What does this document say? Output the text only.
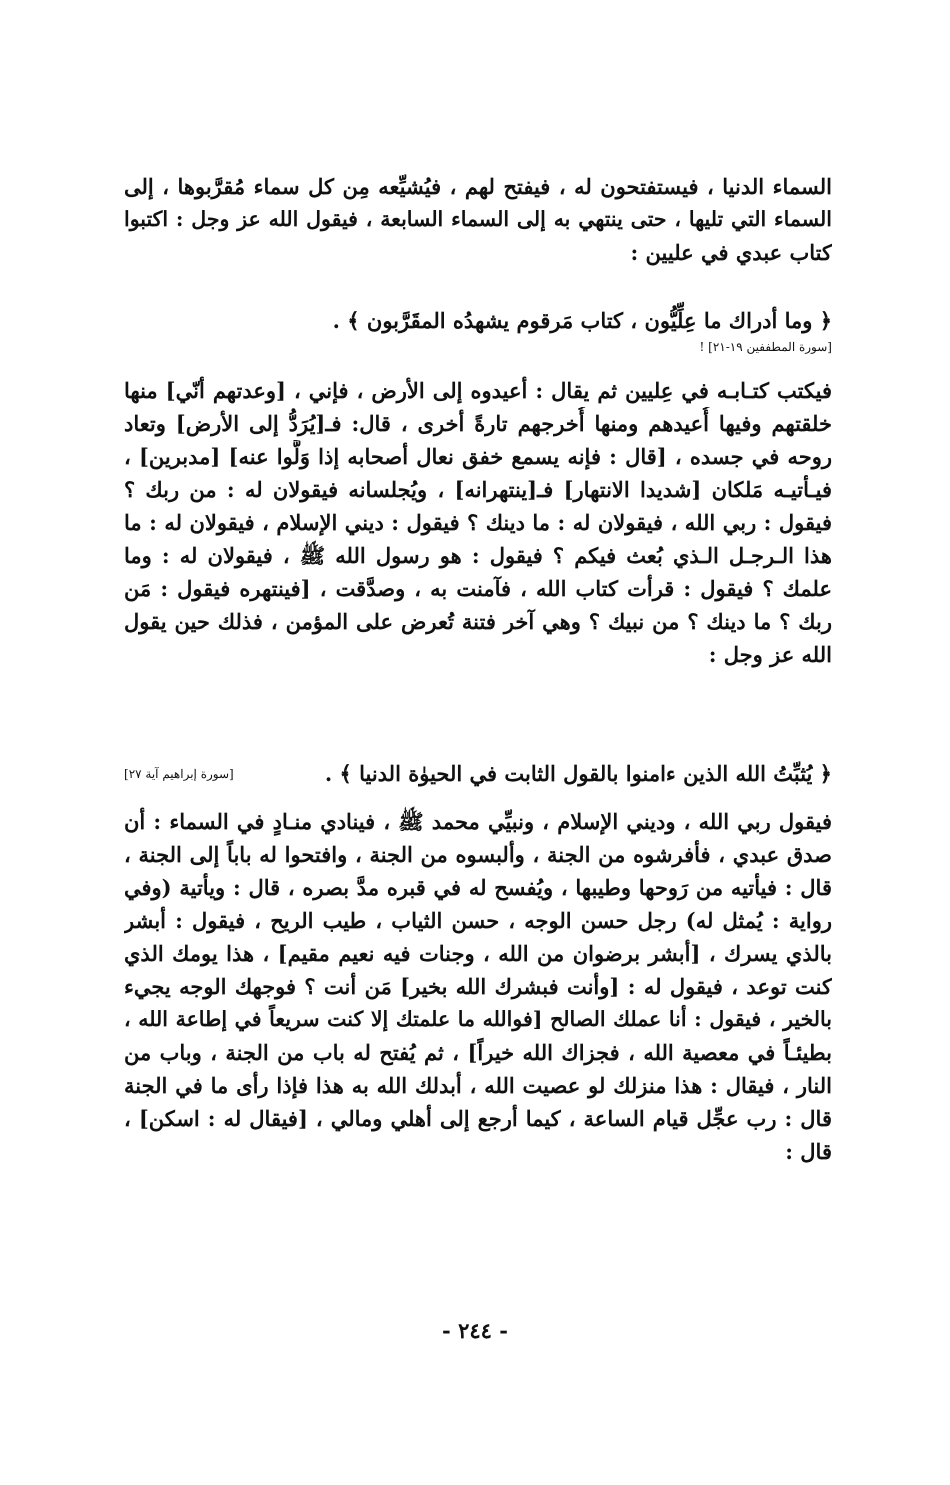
السماء الدنيا ، فيستفتحون له ، فيفتح لهم ، فيُشيِّعه مِن كل سماء مُقرَّبوها ، إلى
السماء التي تليها ، حتى ينتهي به إلى السماء السابعة ، فيقول الله عز وجل : اكتبوا
كتاب عبدي في عليين :
﴿ وما أدراك ما عِلِّيُّون ، كتاب مَرقوم يشهدُه المقَرَّبون ﴾ .
[سورة المطففين ١٩-٢١] !
فيكتب كتـابـه في عِليين ثم يقال : أعيدوه إلى الأرض ، فإني ، [وعدتهم أنّي] منها
خلقتهم وفيها أُعيدهم ومنها أُخرجهم تارةً أخرى ، قال: فـ[يُرَدُّ إلى الأرض] وتعاد
روحه في جسده ، [قال : فإنه يسمع خفق نعال أصحابه إذا وَلَّوا عنه] [مدبرين] ،
فيـأتيـه مَلكان [شديدا الانتهار] فـ[ينتهرانه] ، ويُجلسانه فيقولان له : من ربك ؟
فيقول : ربي الله ، فيقولان له : ما دينك ؟ فيقول : ديني الإسلام ، فيقولان له : ما
هذا الـرجـل الـذي بُعث فيكم ؟ فيقول : هو رسول الله ﷺ ، فيقولان له : وما
علمك ؟ فيقول : قرأت كتاب الله ، فآمنت به ، وصدَّقت ، [فينتهره فيقول : مَن
ربك ؟ ما دينك ؟ من نبيك ؟ وهي آخر فتنة تُعرض على المؤمن ، فذلك حين يقول
الله عز وجل :
﴿ يُثبِّتُ الله الذين ءامنوا بالقول الثابت في الحيوٰة الدنيا ﴾ .
[سورة إبراهيم آية ٢٧]
فيقول ربي الله ، وديني الإسلام ، ونبيِّي محمد ﷺ ، فينادي منـادٍ في السماء : أن
صدق عبدي ، فأفرشوه من الجنة ، وألبسوه من الجنة ، وافتحوا له باباً إلى الجنة ،
قال : فيأتيه من رَوحها وطيبها ، ويُفسح له في قبره مدَّ بصره ، قال : ويأتية (وفي
رواية : يُمثل له) رجل حسن الوجه ، حسن الثياب ، طيب الريح ، فيقول : أبشر
بالذي يسرك ، [أبشر برضوان من الله ، وجنات فيه نعيم مقيم] ، هذا يومك الذي
كنت توعد ، فيقول له : [وأنت فبشرك الله بخير] مَن أنت ؟ فوجهك الوجه يجيء
بالخير ، فيقول : أنا عملك الصالح [فوالله ما علمتك إلا كنت سريعاً في إطاعة الله ،
بطيئـاً في معصية الله ، فجزاك الله خيراً] ، ثم يُفتح له باب من الجنة ، وباب من
النار ، فيقال : هذا منزلك لو عصيت الله ، أبدلك الله به هذا فإذا رأى ما في الجنة
قال : رب عجِّل قيام الساعة ، كيما أرجع إلى أهلي ومالي ، [فيقال له : اسكن] ،
قال :
- ٢٤٤ -
